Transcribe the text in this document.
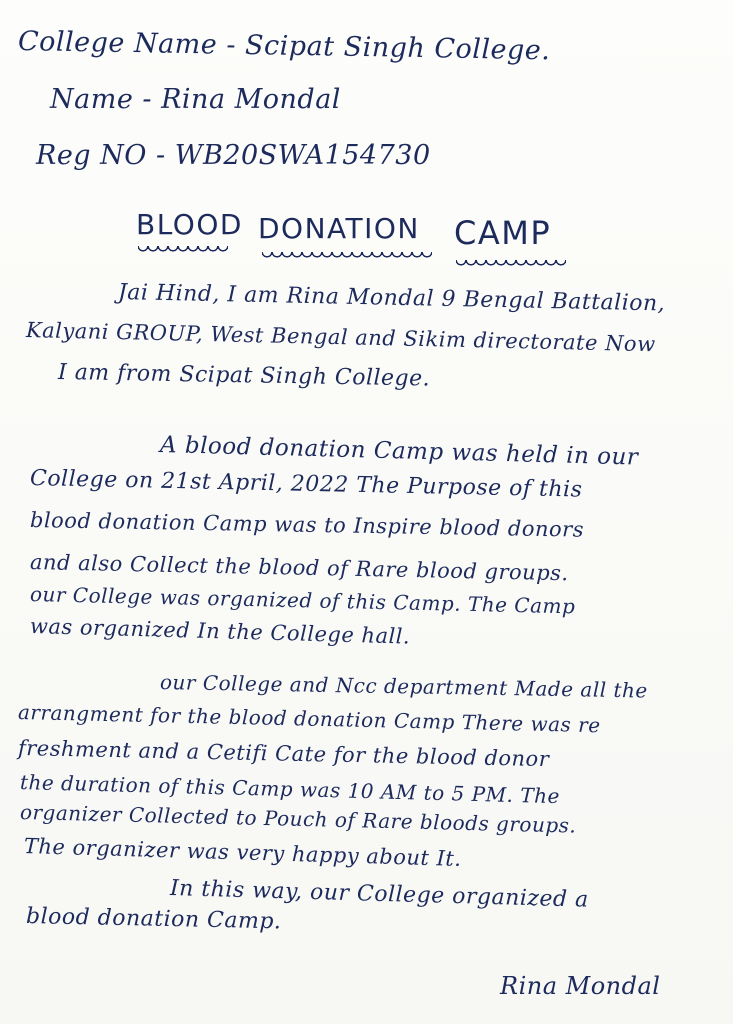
College Name - Scipat Singh College.
Name - Rina Mondal
Reg NO - WB20SWA154730
BLOOD DONATION CAMP
Jai Hind, I am Rina Mondal 9 Bengal Battalion,
Kalyani GROUP, West Bengal and Sikim directorate Now
I am from Scipat Singh College.
A blood donation Camp was held in our
College on 21st April, 2022 The Purpose of this
blood donation Camp was to Inspire blood donors
and also Collect the blood of Rare blood groups.
our College was organized of this Camp. The Camp
was organized In the College hall.
our College and Ncc department Made all the
arrangment for the blood donation Camp There was re
freshment and a Cetifi Cate for the blood donor
the duration of this Camp was 10 AM to 5 PM. The
organizer Collected to Pouch of Rare bloods groups.
The organizer was very happy about It.
In this way, our College organized a
blood donation Camp.
Rina Mondal
